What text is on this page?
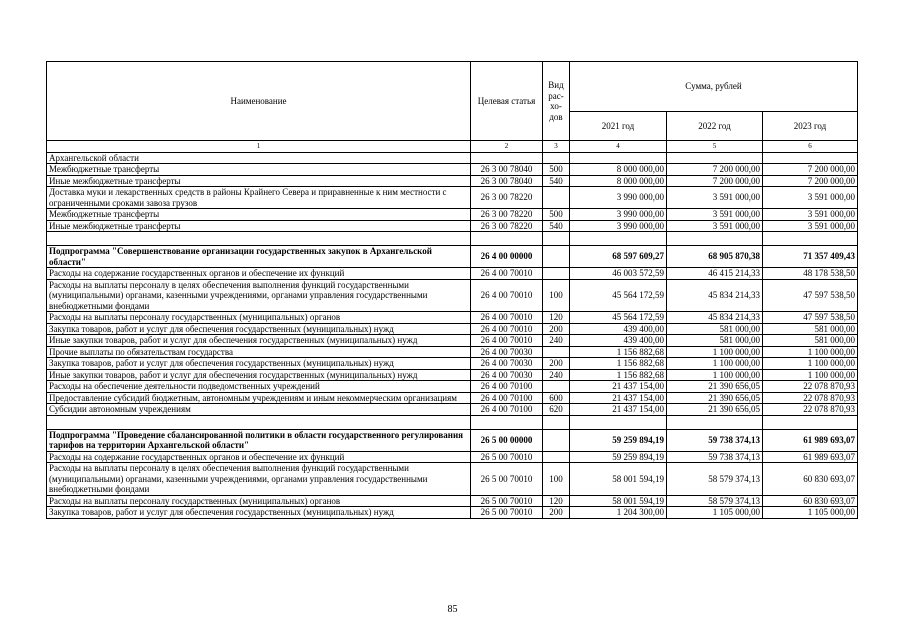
Наименование	Целевая статья	Вид рас-хо-дов	Сумма, рублей		
			2021 год	2022 год	2023 год
1	2	3	4	5	6
Архангельской области					
Межбюджетные трансферты	26 3 00 78040	500	8 000 000,00	7 200 000,00	7 200 000,00
Иные межбюджетные трансферты	26 3 00 78040	540	8 000 000,00	7 200 000,00	7 200 000,00
Доставка муки и лекарственных средств в районы Крайнего Севера и приравненные к ним местности с ограниченными сроками завоза грузов	26 3 00 78220		3 990 000,00	3 591 000,00	3 591 000,00
Межбюджетные трансферты	26 3 00 78220	500	3 990 000,00	3 591 000,00	3 591 000,00
Иные межбюджетные трансферты	26 3 00 78220	540	3 990 000,00	3 591 000,00	3 591 000,00

Подпрограмма "Совершенствование организации государственных закупок в Архангельской области"	26 4 00 00000		68 597 609,27	68 905 870,38	71 357 409,43
Расходы на содержание государственных органов и обеспечение их функций	26 4 00 70010		46 003 572,59	46 415 214,33	48 178 538,50
Расходы на выплаты персоналу в целях обеспечения выполнения функций государственными (муниципальными) органами, казенными учреждениями, органами управления государственными внебюджетными фондами	26 4 00 70010	100	45 564 172,59	45 834 214,33	47 597 538,50
Расходы на выплаты персоналу государственных (муниципальных) органов	26 4 00 70010	120	45 564 172,59	45 834 214,33	47 597 538,50
Закупка товаров, работ и услуг для обеспечения государственных (муниципальных) нужд	26 4 00 70010	200	439 400,00	581 000,00	581 000,00
Иные закупки товаров, работ и услуг для обеспечения государственных (муниципальных) нужд	26 4 00 70010	240	439 400,00	581 000,00	581 000,00
Прочие выплаты по обязательствам государства	26 4 00 70030		1 156 882,68	1 100 000,00	1 100 000,00
Закупка товаров, работ и услуг для обеспечения государственных (муниципальных) нужд	26 4 00 70030	200	1 156 882,68	1 100 000,00	1 100 000,00
Иные закупки товаров, работ и услуг для обеспечения государственных (муниципальных) нужд	26 4 00 70030	240	1 156 882,68	1 100 000,00	1 100 000,00
Расходы на обеспечение деятельности подведомственных учреждений	26 4 00 70100		21 437 154,00	21 390 656,05	22 078 870,93
Предоставление субсидий бюджетным, автономным учреждениям и иным некоммерческим организациям	26 4 00 70100	600	21 437 154,00	21 390 656,05	22 078 870,93
Субсидии автономным учреждениям	26 4 00 70100	620	21 437 154,00	21 390 656,05	22 078 870,93

Подпрограмма "Проведение сбалансированной политики в области государственного регулирования тарифов на территории Архангельской области"	26 5 00 00000		59 259 894,19	59 738 374,13	61 989 693,07
Расходы на содержание государственных органов и обеспечение их функций	26 5 00 70010		59 259 894,19	59 738 374,13	61 989 693,07
Расходы на выплаты персоналу в целях обеспечения выполнения функций государственными (муниципальными) органами, казенными учреждениями, органами управления государственными внебюджетными фондами	26 5 00 70010	100	58 001 594,19	58 579 374,13	60 830 693,07
Расходы на выплаты персоналу государственных (муниципальных) органов	26 5 00 70010	120	58 001 594,19	58 579 374,13	60 830 693,07
Закупка товаров, работ и услуг для обеспечения государственных (муниципальных) нужд	26 5 00 70010	200	1 204 300,00	1 105 000,00	1 105 000,00
85
